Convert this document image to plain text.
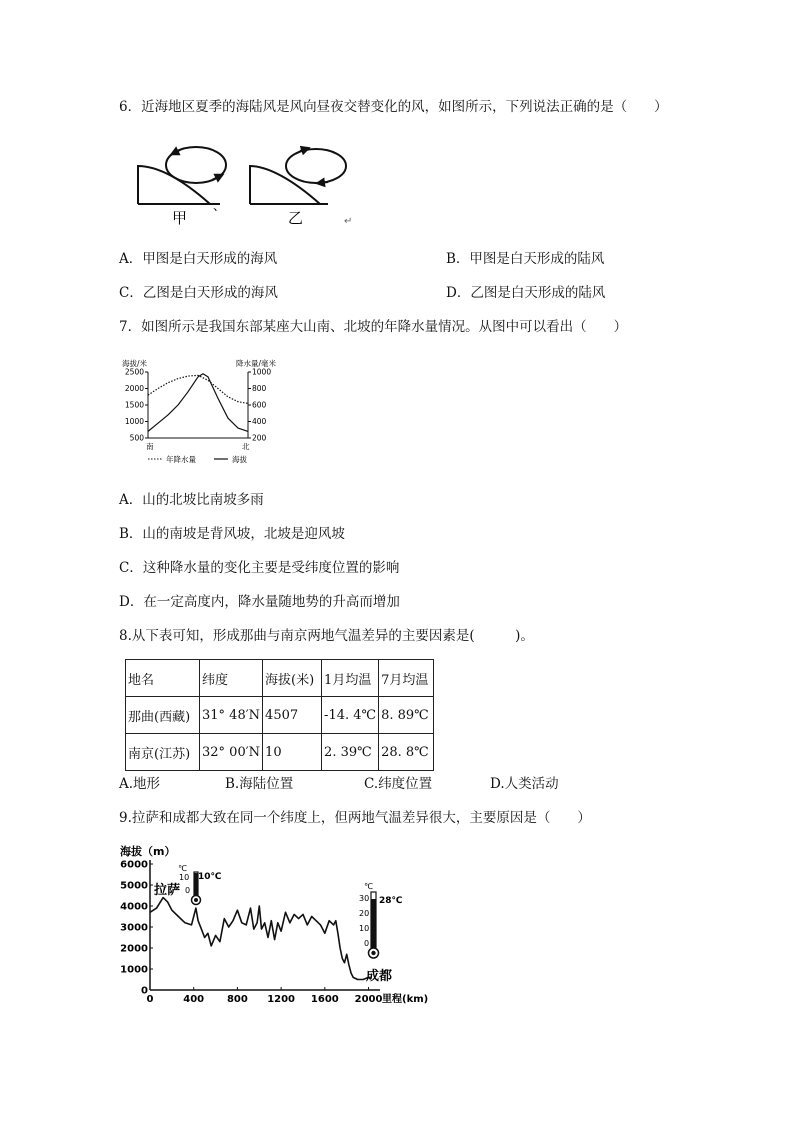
6．近海地区夏季的海陆风是风向昼夜交替变化的风，如图所示，下列说法正确的是（　　）
甲
、
乙	↵
A．甲图是白天形成的海风	B．甲图是白天形成的陆风
C．乙图是白天形成的海风	D．乙图是白天形成的陆风
7．如图所示是我国东部某座大山南、北坡的年降水量情况。从图中可以看出（　　）
海拔/米	降水量/毫米
500
1000
1500
2000
2500
200
400
600
800
1000
南	北
年降水量	海拔
A．山的北坡比南坡多雨
B．山的南坡是背风坡，北坡是迎风坡
C．这种降水量的变化主要是受纬度位置的影响
D．在一定高度内，降水量随地势的升高而增加
8.从下表可知，形成那曲与南京两地气温差异的主要因素是(　　　)。
地名	纬度	海拔(米)	1月均温	7月均温
那曲(西藏)	31° 48′N	4507	-14. 4℃	8. 89℃
南京(江苏)	32° 00′N	10	2. 39℃	28. 8℃
A.地形	B.海陆位置	C.纬度位置	D.人类活动
9.拉萨和成都大致在同一个纬度上，但两地气温差异很大，主要原因是（　　）
海拔（m）
0
1000
2000
3000
4000
5000
6000
0	400 800 1200 1600 2000 里程(km)
℃
10
0
10℃
拉萨	℃
30
20
10
0
28℃
成都
